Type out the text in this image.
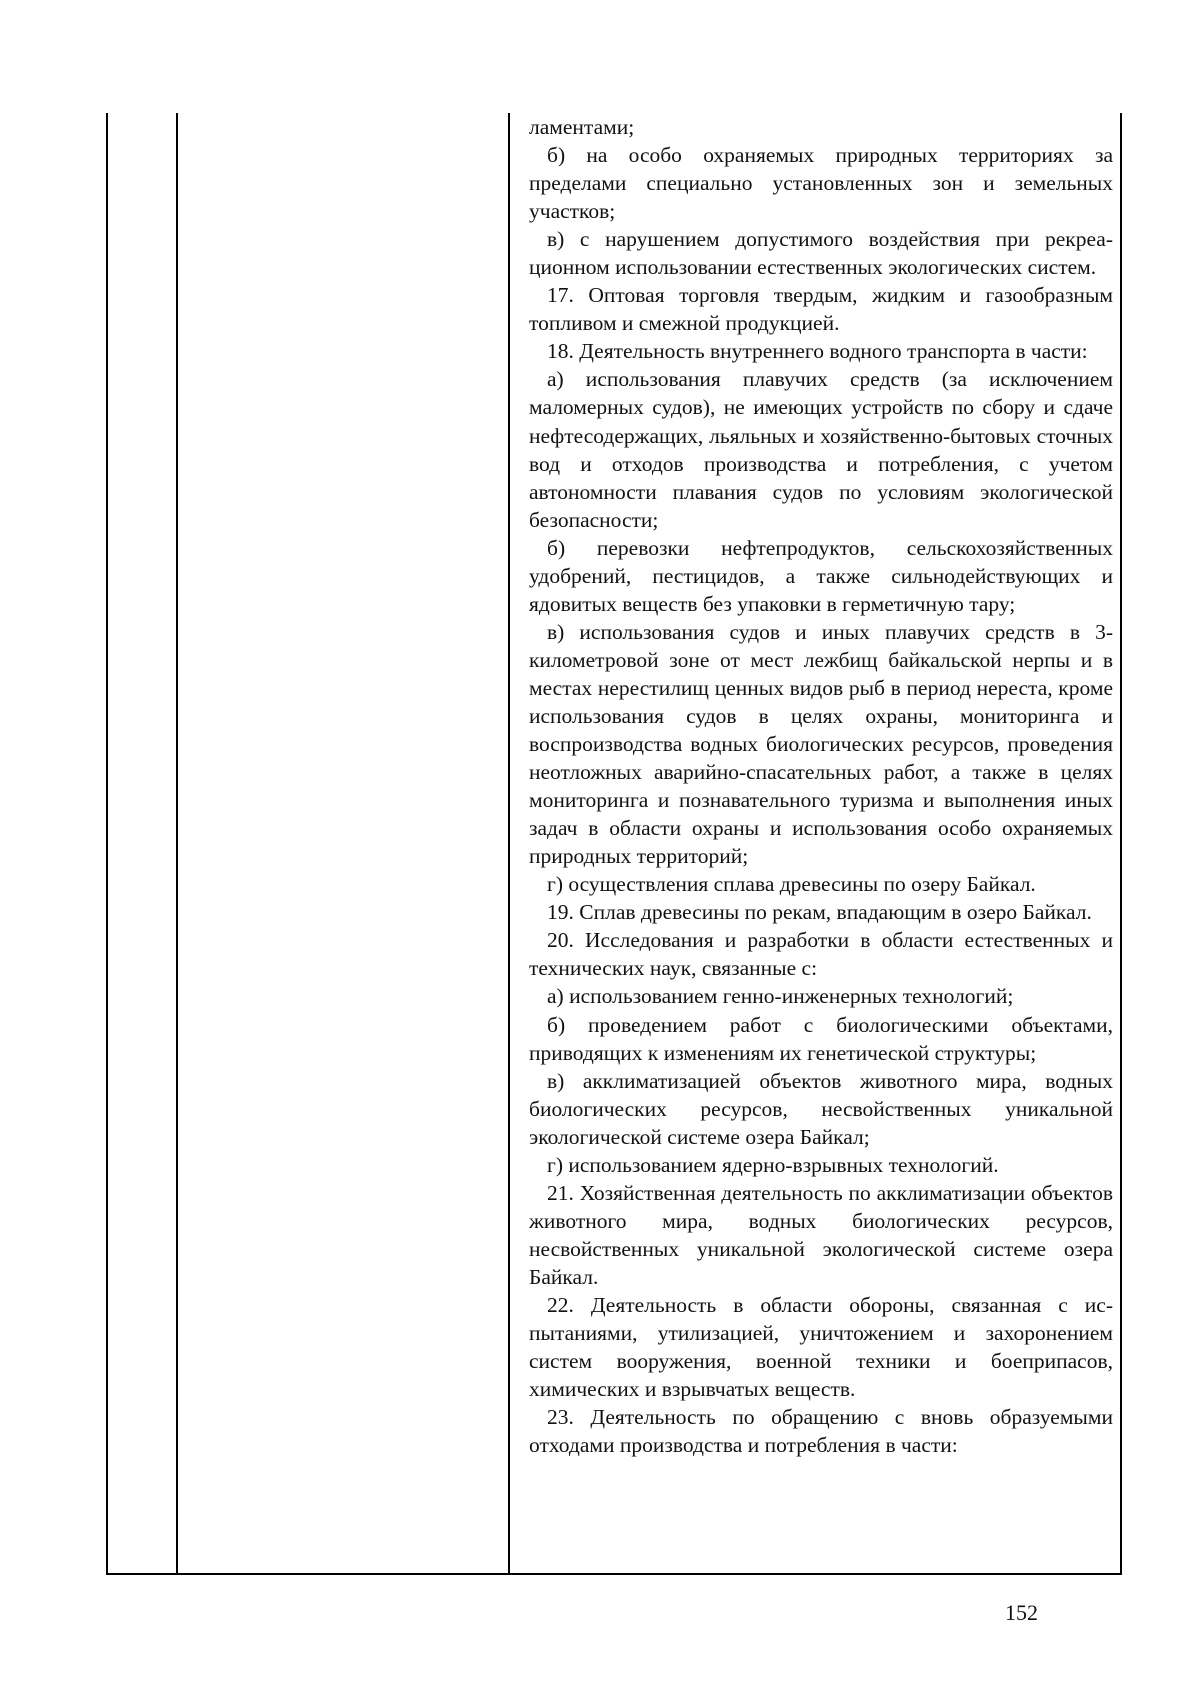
ламентами;

б) на особо охраняемых природных территориях за пределами специально установленных зон и земельных участков;

в) с нарушением допустимого воздействия при рекреационном использовании естественных экологических систем.

17. Оптовая торговля твердым, жидким и газообразным топливом и смежной продукцией.

18. Деятельность внутреннего водного транспорта в части:

а) использования плавучих средств (за исключением маломерных судов), не имеющих устройств по сбору и сдаче нефтесодержащих, льяльных и хозяйственно-бытовых сточных вод и отходов производства и потребления, с учетом автономности плавания судов по условиям экологической безопасности;

б) перевозки нефтепродуктов, сельскохозяйственных удобрений, пестицидов, а также сильнодействующих и ядовитых веществ без упаковки в герметичную тару;

в) использования судов и иных плавучих средств в 3-километровой зоне от мест лежбищ байкальской нерпы и в местах нерестилищ ценных видов рыб в период нереста, кроме использования судов в целях охраны, мониторинга и воспроизводства водных биологических ресурсов, проведения неотложных аварийно-спасательных работ, а также в целях мониторинга и познавательного туризма и выполнения иных задач в области охраны и использования особо охраняемых природных территорий;

г) осуществления сплава древесины по озеру Байкал.

19. Сплав древесины по рекам, впадающим в озеро Байкал.

20. Исследования и разработки в области естественных и технических наук, связанные с:

а) использованием генно-инженерных технологий;

б) проведением работ с биологическими объектами, приводящих к изменениям их генетической структуры;

в) акклиматизацией объектов животного мира, водных биологических ресурсов, несвойственных уникальной экологической системе озера Байкал;

г) использованием ядерно-взрывных технологий.

21. Хозяйственная деятельность по акклиматизации объектов животного мира, водных биологических ресурсов, несвойственных уникальной экологической системе озера Байкал.

22. Деятельность в области обороны, связанная с испытаниями, утилизацией, уничтожением и захоронением систем вооружения, военной техники и боеприпасов, химических и взрывчатых веществ.

23. Деятельность по обращению с вновь образуемыми отходами производства и потребления в части:

152
